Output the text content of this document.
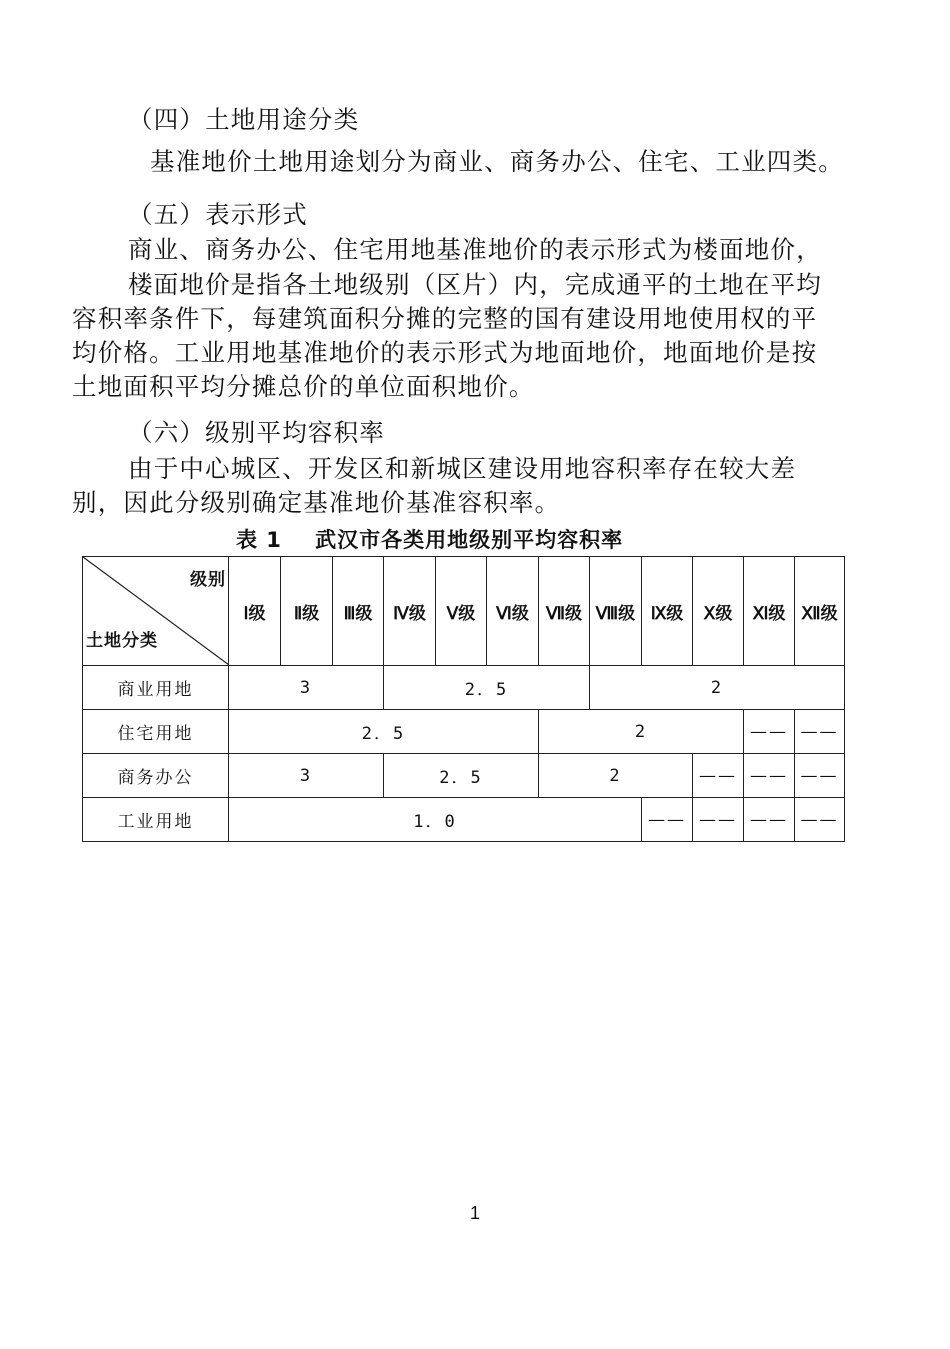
（四）土地用途分类
基准地价土地用途划分为商业、商务办公、住宅、工业四类。
（五）表示形式
商业、商务办公、住宅用地基准地价的表示形式为楼面地价，
楼面地价是指各土地级别（区片）内，完成通平的土地在平均
容积率条件下，每建筑面积分摊的完整的国有建设用地使用权的平
均价格。工业用地基准地价的表示形式为地面地价，地面地价是按
土地面积平均分摊总价的单位面积地价。
（六）级别平均容积率
由于中心城区、开发区和新城区建设用地容积率存在较大差
别，因此分级别确定基准地价基准容积率。
表 1    武汉市各类用地级别平均容积率
级别
土地分类	Ⅰ级	Ⅱ级	Ⅲ级	Ⅳ级	Ⅴ级	Ⅵ级	Ⅶ级	Ⅷ级	Ⅸ级	Ⅹ级	Ⅺ级	Ⅻ级
商业用地	3			2．5				2				
住宅用地	2．5						2				——	——
商务办公	3			2．5			2			——	——	——
工业用地	1．0								——	——	——	——
1
